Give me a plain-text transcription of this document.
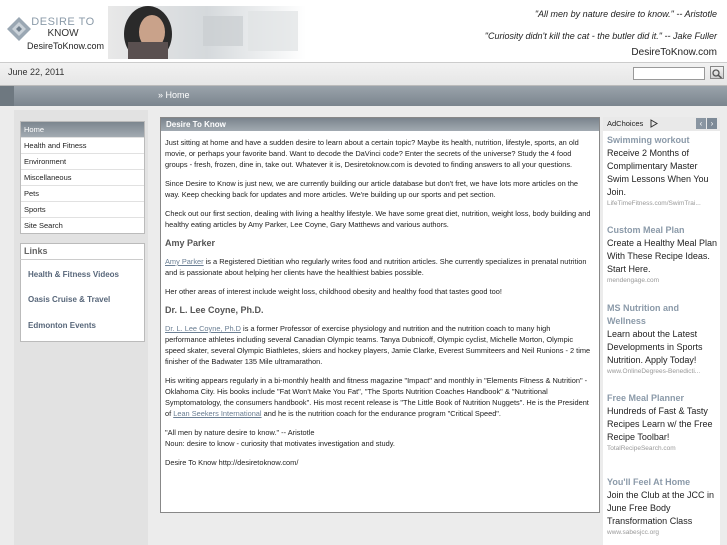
DESIRE TO
KNOW
DesireToKnow.com
"All men by nature desire to know." -- Aristotle
"Curiosity didn't kill the cat - the butler did it." -- Jake Fuller
DesireToKnow.com
June 22, 2011
» Home
Home
Health and Fitness
Environment
Miscellaneous
Pets
Sports
Site Search
Links
Health & Fitness Videos
Oasis Cruise & Travel
Edmonton Events
Desire To Know

Just sitting at home and have a sudden desire to learn about a certain topic? Maybe its health, nutrition, lifestyle, sports, an old movie, or perhaps your favorite band. Want to decode the DaVinci code? Enter the secrets of the universe? Study the 4 food groups - fresh, frozen, dine in, take out. Whatever it is, Desiretoknow.com is devoted to finding answers to all your questions.

Since Desire to Know is just new, we are currently building our article database but don't fret, we have lots more articles on the way. Keep checking back for updates and more articles. We're building up our sports and pet section.

Check out our first section, dealing with living a healthy lifestyle. We have some great diet, nutrition, weight loss, body building and healthy eating articles by Amy Parker, Lee Coyne, Gary Matthews and various authors.

Amy Parker

Amy Parker is a Registered Dietitian who regularly writes food and nutrition articles. She currently specializes in prenatal nutrition and is passionate about helping her clients have the healthiest babies possible.

Her other areas of interest include weight loss, childhood obesity and healthy food that tastes good too!

Dr. L. Lee Coyne, Ph.D.

Dr. L. Lee Coyne, Ph.D is a former Professor of exercise physiology and nutrition and the nutrition coach to many high performance athletes including several Canadian Olympic teams. Tanya Dubnicoff, Olympic cyclist, Michelle Morton, Olympic speed skater, several Olympic Biathletes, skiers and hockey players, Jamie Clarke, Everest Summiteers and Neil Runions - 2 time finisher of the Badwater 135 Mile ultramarathon.

His writing appears regularly in a bi-monthly health and fitness magazine "Impact" and monthly in "Elements Fitness & Nutrition" - Oklahoma City. His books include "Fat Won't Make You Fat", "The Sports Nutrition Coaches Handbook" & "Nutritional Symptomatology, the consumers handbook". His most recent release is "The Little Book of Nutrition Nuggets". He is the President of Lean Seekers International and he is the nutrition coach for the endurance program "Critical Speed".

"All men by nature desire to know." -- Aristotle

Noun: desire to know - curiosity that motivates investigation and study.

Desire To Know http://desiretoknow.com/

AdChoices	‹	›
Swimming workout
Receive 2 Months of Complimentary Master Swim Lessons When You Join.
LifeTimeFitness.com/SwimTrai...
Custom Meal Plan
Create a Healthy Meal Plan With These Recipe Ideas. Start Here.
mendengage.com
MS Nutrition and Wellness
Learn about the Latest Developments in Sports Nutrition. Apply Today!
www.OnlineDegrees-Benedicti...
Free Meal Planner
Hundreds of Fast & Tasty Recipes Learn w/ the Free Recipe Toolbar!
TotalRecipeSearch.com
You'll Feel At Home
Join the Club at the JCC in June Free Body Transformation Class
www.sabesjcc.org
